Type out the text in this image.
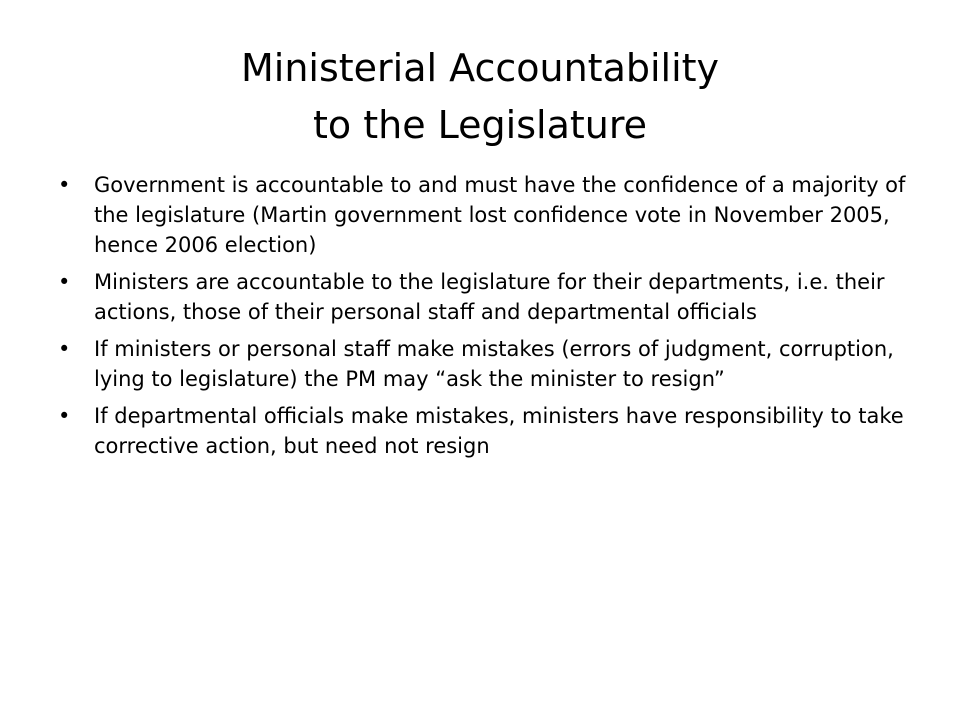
Ministerial Accountability
to the Legislature
•	Government is accountable to and must have the confidence of a majority of the legislature (Martin government lost confidence vote in November 2005, hence 2006 election)
•	Ministers are accountable to the legislature for their departments, i.e. their actions, those of their personal staff and departmental officials
•	If ministers or personal staff make mistakes (errors of judgment, corruption, lying to legislature) the PM may “ask the minister to resign”
•	If departmental officials make mistakes, ministers have responsibility to take corrective action, but need not resign
